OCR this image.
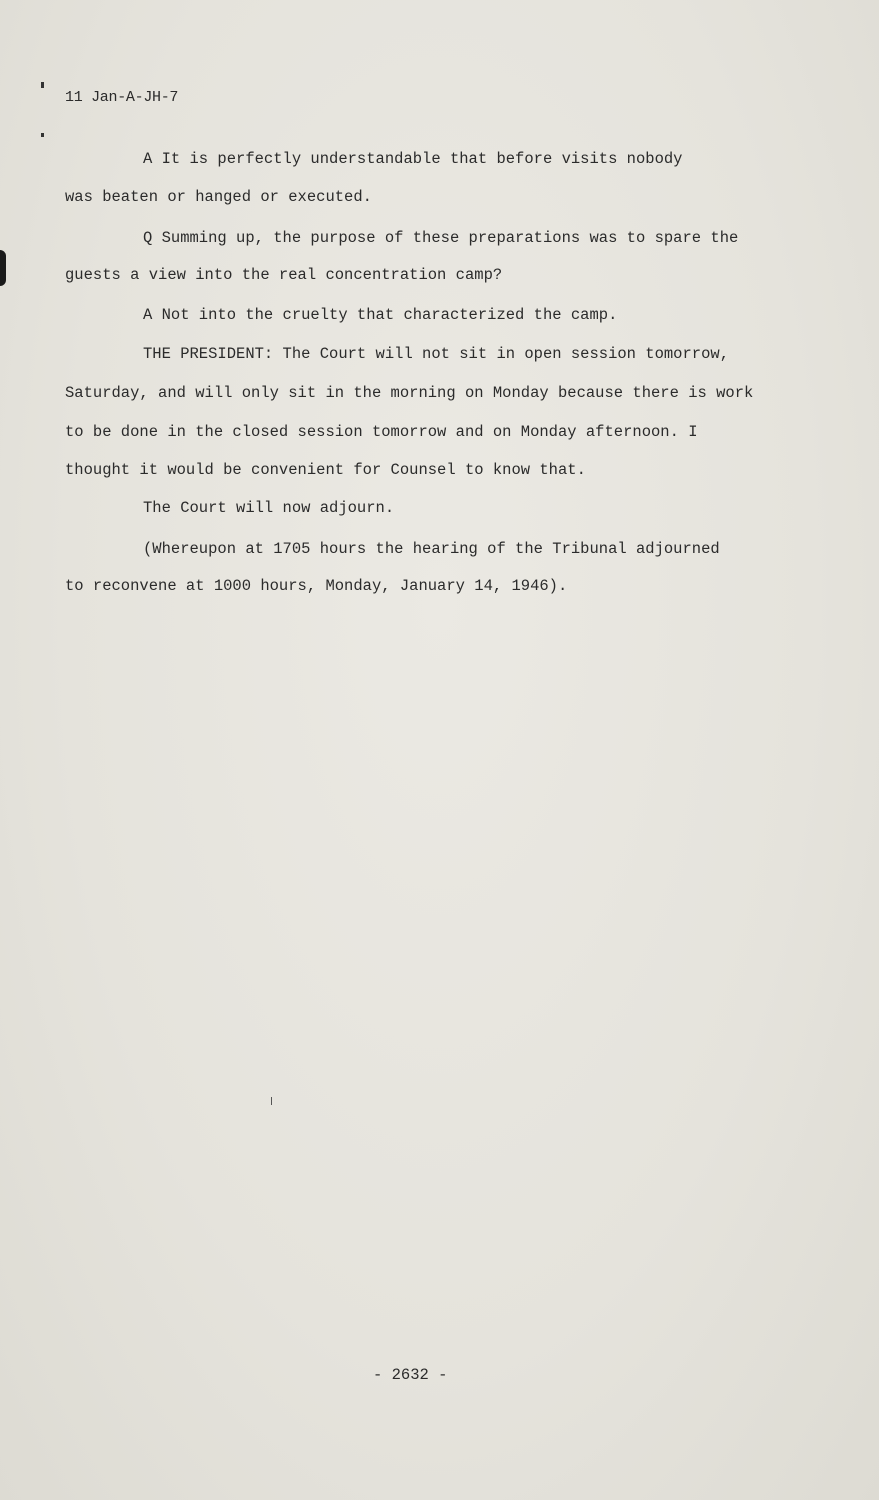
11 Jan-A-JH-7
A It is perfectly understandable that before visits nobody
was beaten or hanged or executed.
Q Summing up, the purpose of these preparations was to spare the
guests a view into the real concentration camp?
A Not into the cruelty that characterized the camp.
THE PRESIDENT: The Court will not sit in open session tomorrow,
Saturday, and will only sit in the morning on Monday because there is work
to be done in the closed session tomorrow and on Monday afternoon. I
thought it would be convenient for Counsel to know that.
The Court will now adjourn.
(Whereupon at 1705 hours the hearing of the Tribunal adjourned
to reconvene at 1000 hours, Monday, January 14, 1946).
- 2632 -
